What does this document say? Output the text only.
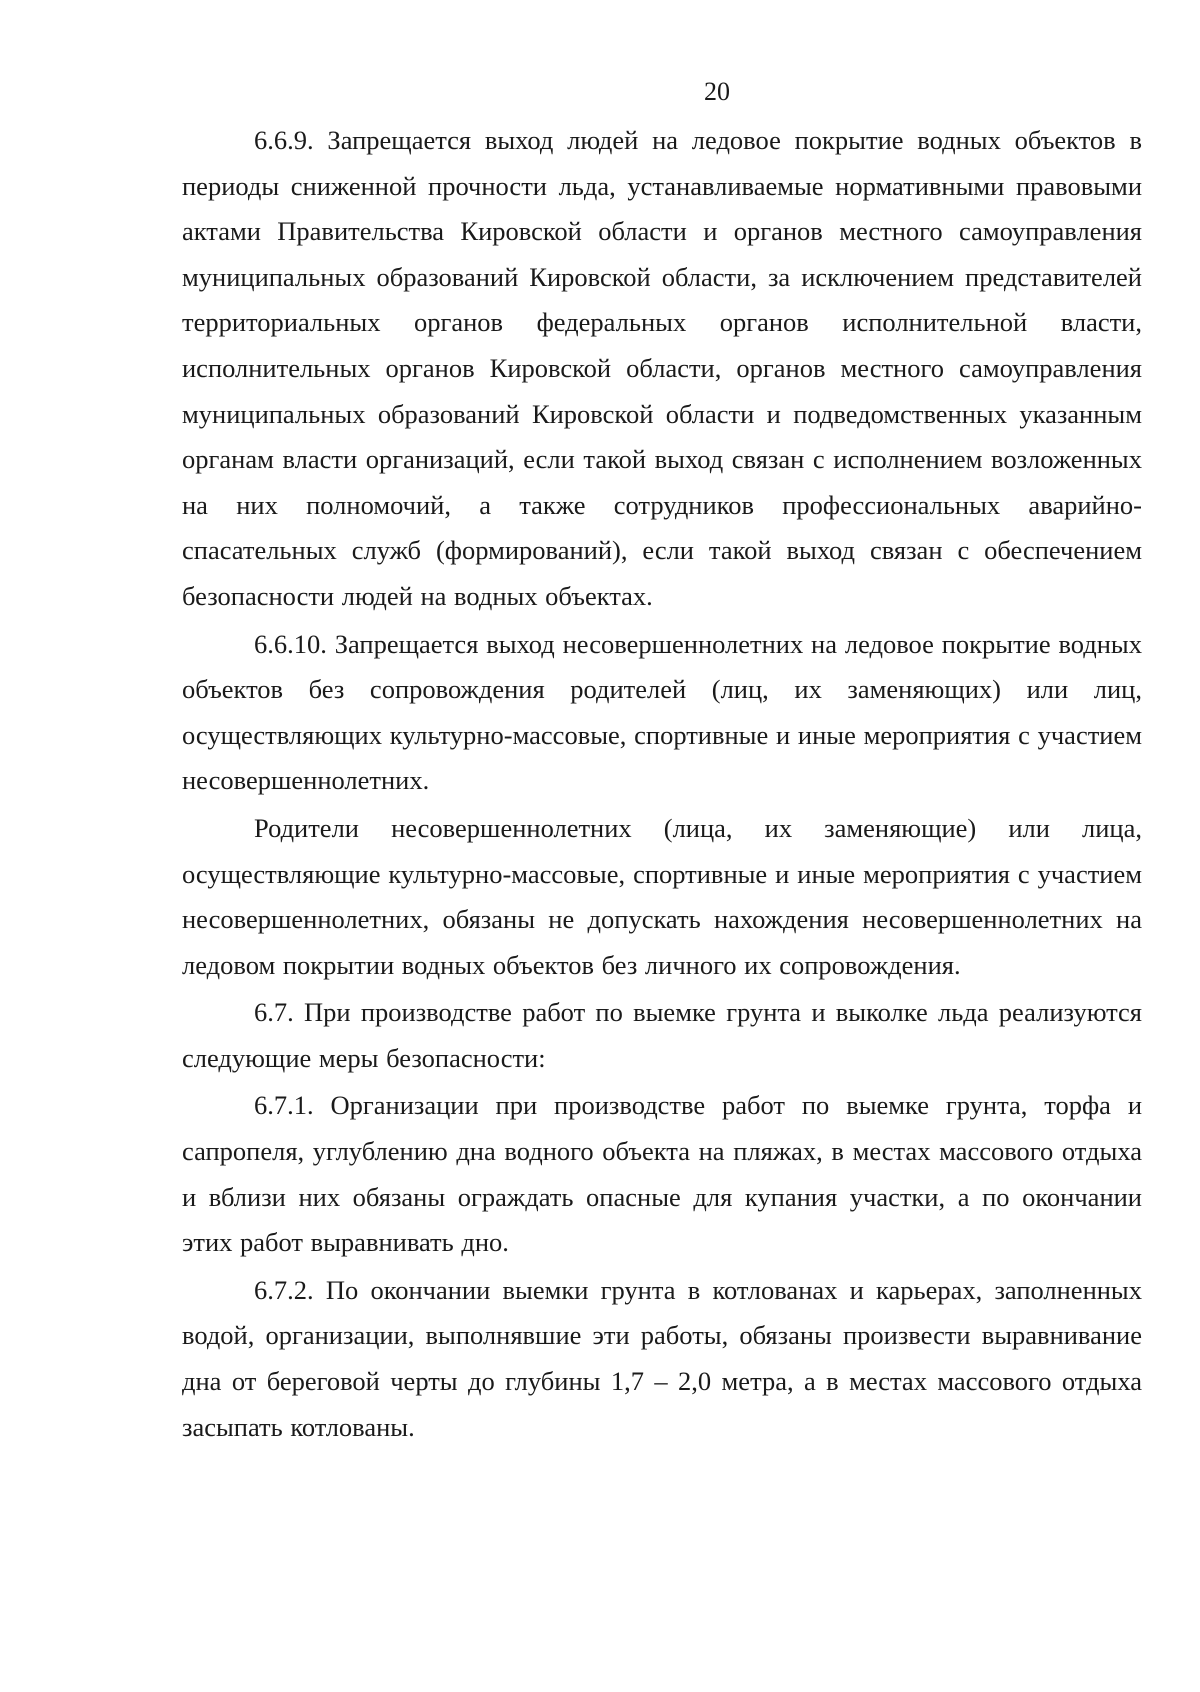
20

6.6.9. Запрещается выход людей на ледовое покрытие водных объектов в периоды сниженной прочности льда, устанавливаемые нормативными правовыми актами Правительства Кировской области и органов местного самоуправления муниципальных образований Кировской области, за исключением представителей территориальных органов федеральных органов исполнительной власти, исполнительных органов Кировской области, органов местного самоуправления муниципальных образований Кировской области и подведомственных указанным органам власти организаций, если такой выход связан с исполнением возложенных на них полномочий, а также сотрудников профессиональных аварийно-спасательных служб (формирований), если такой выход связан с обеспечением безопасности людей на водных объектах.

6.6.10. Запрещается выход несовершеннолетних на ледовое покрытие водных объектов без сопровождения родителей (лиц, их заменяющих) или лиц, осуществляющих культурно-массовые, спортивные и иные мероприятия с участием несовершеннолетних.

Родители несовершеннолетних (лица, их заменяющие) или лица, осуществляющие культурно-массовые, спортивные и иные мероприятия с участием несовершеннолетних, обязаны не допускать нахождения несовершеннолетних на ледовом покрытии водных объектов без личного их сопровождения.

6.7. При производстве работ по выемке грунта и выколке льда реализуются следующие меры безопасности:

6.7.1. Организации при производстве работ по выемке грунта, торфа и сапропеля, углублению дна водного объекта на пляжах, в местах массового отдыха и вблизи них обязаны ограждать опасные для купания участки, а по окончании этих работ выравнивать дно.

6.7.2. По окончании выемки грунта в котлованах и карьерах, заполненных водой, организации, выполнявшие эти работы, обязаны произвести выравнивание дна от береговой черты до глубины 1,7 – 2,0 метра, а в местах массового отдыха засыпать котлованы.
